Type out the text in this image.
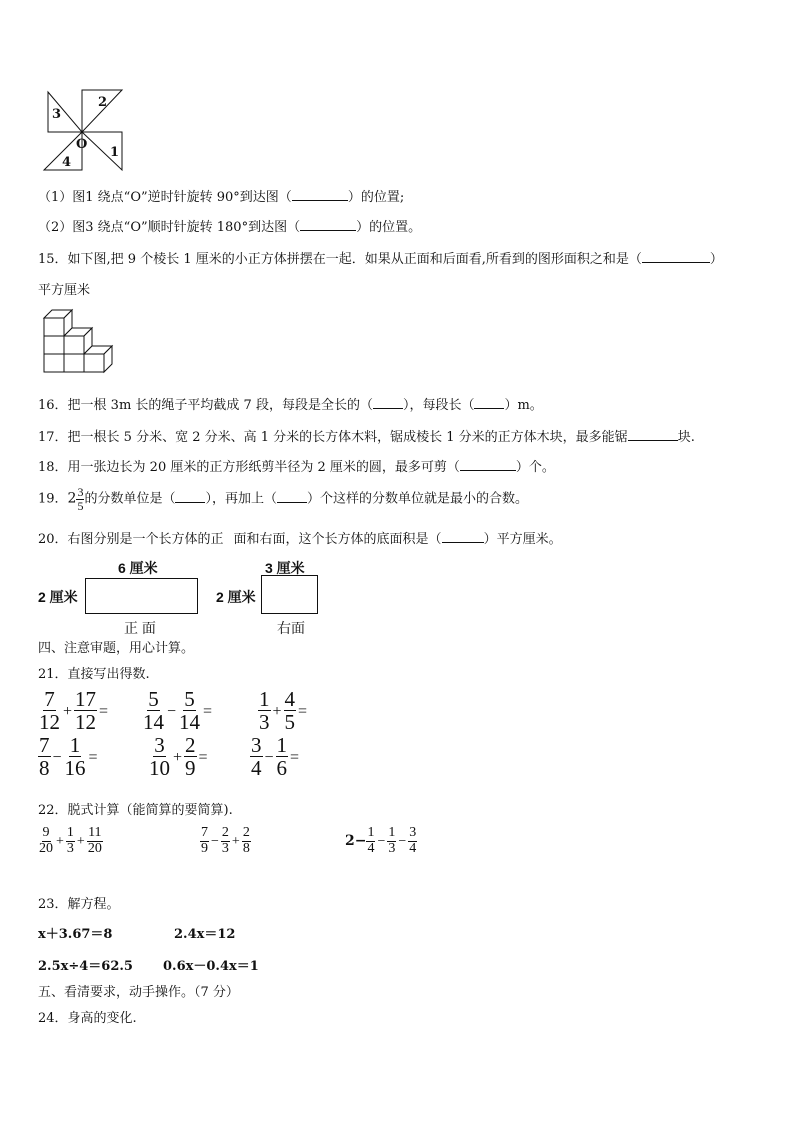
3
2
O
4
1
（1）图1 绕点“O”逆时针旋转 90°到达图（	）的位置;
（2）图3 绕点“O”顺时针旋转 180°到达图（	）的位置。
15．如下图,把 9 个棱长 1 厘米的小正方体拼摆在一起．如果从正面和后面看,所看到的图形面积之和是（	）
平方厘米
16．把一根 3m 长的绳子平均截成 7 段，每段是全长的（ ），每段长（ ）m。
17．把一根长 5 分米、宽 2 分米、高 1 分米的长方体木料，锯成棱长 1 分米的正方体木块，最多能锯	块.
18．用一张边长为 20 厘米的正方形纸剪半径为 2 厘米的圆，最多可剪（	）个。
19．$2 \frac{3}{5}$ 的分数单位是（ ），再加上（ ）个这样的分数单位就是最小的合数。
20．右图分别是一个长方体的正 面和右面，这个长方体的底面积是（	）平方厘米。
6 厘米
2 厘米
正 面
3 厘米
2 厘米
右面
四、注意审题，用心计算。
21．直接写出得数.
$\frac{7}{12} + \frac{17}{12} = \frac{5}{14} - \frac{5}{14} = \frac{1}{3} + \frac{4}{5}$ =
$\frac{7}{8} - \frac{1}{16} = \frac{3}{10} + \frac{2}{9} = \frac{3}{4} - \frac{1}{6}$ =
22．脱式计算（能简算的要简算).
$\frac{9}{20} + \frac{1}{3} + \frac{11}{20}$	$\frac{7}{9} - \frac{2}{3} + \frac{2}{8}$	$2- \frac{1}{4} - \frac{1}{3} - \frac{3}{4}$
23．解方程。
x＋3.67＝8	2.4x＝12
2.5x÷4＝62.5 0.6x－0.4x＝1
五、看清要求，动手操作。（7 分）
24．身高的变化.
